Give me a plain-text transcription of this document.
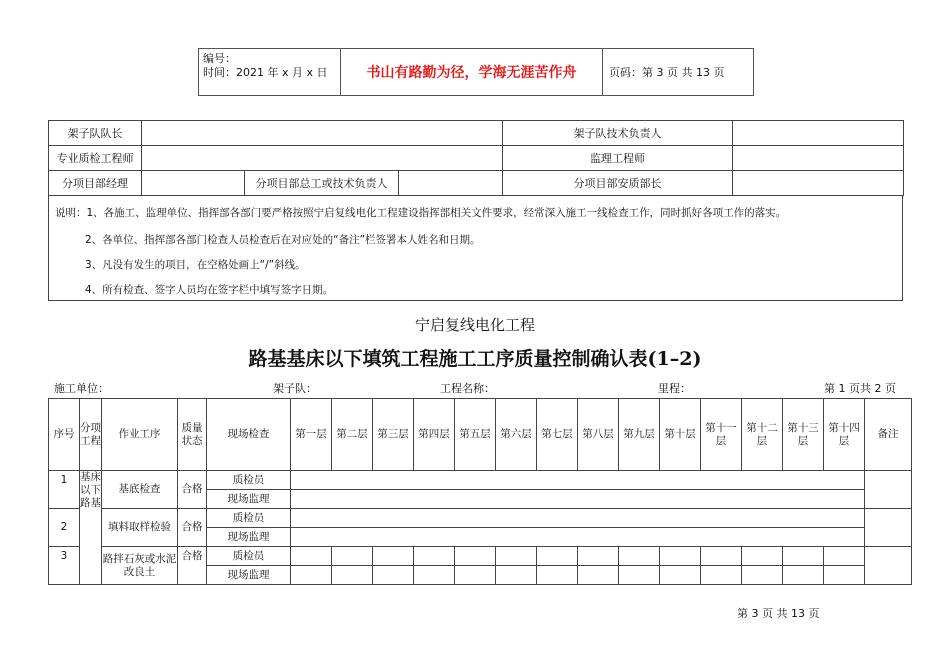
编号：
时间：2021 年 x 月 x 日	书山有路勤为径，学海无涯苦作舟	页码：第 3 页 共 13 页
架子队队长				架子队技术负责人	
专业质检工程师				监理工程师	
分项目部经理		分项目部总工或技术负责人		分项目部安质部长	
说明：1、各施工、监理单位、指挥部各部门要严格按照宁启复线电化工程建设指挥部相关文件要求，经常深入施工一线检查工作，同时抓好各项工作的落实。
2、各单位、指挥部各部门检查人员检查后在对应处的“备注”栏签署本人姓名和日期。
3、凡没有发生的项目，在空格处画上“/”斜线。
4、所有检查、签字人员均在签字栏中填写签字日期。
宁启复线电化工程
路基基床以下填筑工程施工工序质量控制确认表(1–2)
施工单位：	架子队：	工程名称：	里程：	第 1 页共 2 页
序号	分项工程	作业工序	质量状态	现场检查	第一层	第二层	第三层	第四层	第五层	第六层	第七层	第八层	第九层	第十层	第十一层	第十二层	第十三层	第十四层	备注
1	基床以下路基	基底检查	合格	质检员															
				现场监理															
2		填料取样检验	合格	质检员															
				现场监理															
3		路拌石灰或水泥改良土	合格	质检员															
				现场监理															
第 3 页 共 13 页
